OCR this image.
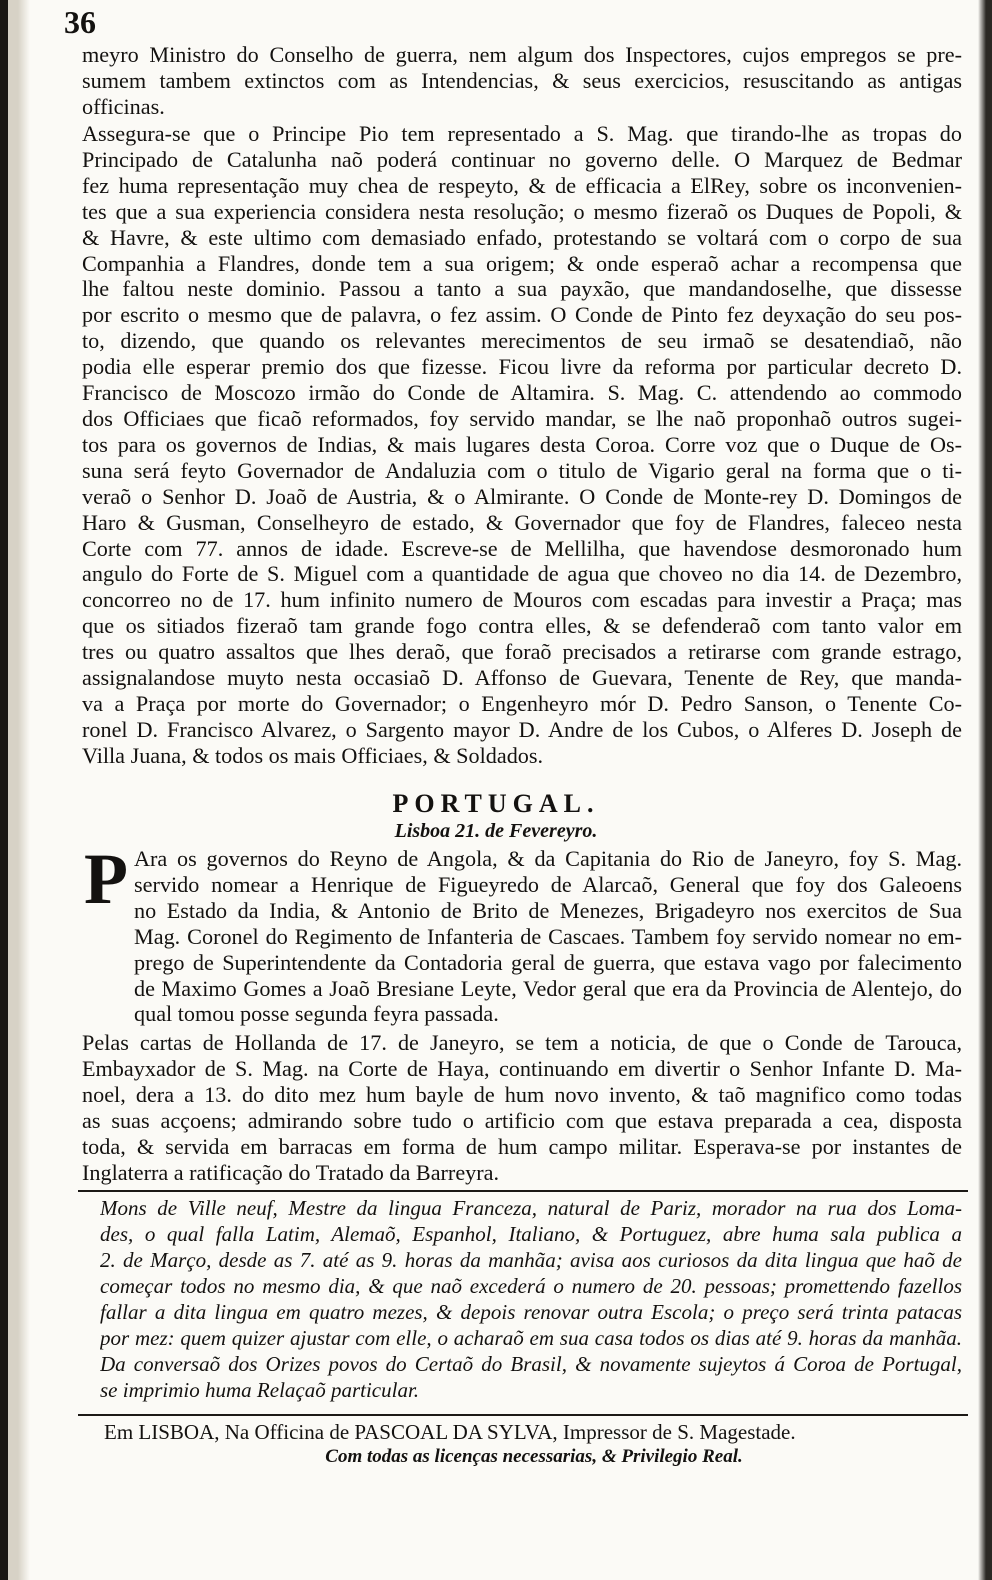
36
meyro Ministro do Conselho de guerra, nem algum dos Inspectores, cujos empregos se pre-
sumem tambem extinctos com as Intendencias, & seus exercicios, resuscitando as antigas
officinas.
Assegura-se que o Principe Pio tem representado a S. Mag. que tirando-lhe as tropas do
Principado de Catalunha naõ poderá continuar no governo delle. O Marquez de Bedmar
fez huma representação muy chea de respeyto, & de efficacia a ElRey, sobre os inconvenien-
tes que a sua experiencia considera nesta resolução; o mesmo fizeraõ os Duques de Popoli, &
& Havre, & este ultimo com demasiado enfado, protestando se voltará com o corpo de sua
Companhia a Flandres, donde tem a sua origem; & onde esperaõ achar a recompensa que
lhe faltou neste dominio. Passou a tanto a sua payxão, que mandandoselhe, que dissesse
por escrito o mesmo que de palavra, o fez assim. O Conde de Pinto fez deyxação do seu pos-
to, dizendo, que quando os relevantes merecimentos de seu irmaõ se desatendiaõ, não
podia elle esperar premio dos que fizesse. Ficou livre da reforma por particular decreto D.
Francisco de Moscozo irmão do Conde de Altamira. S. Mag. C. attendendo ao commodo
dos Officiaes que ficaõ reformados, foy servido mandar, se lhe naõ proponhaõ outros sugei-
tos para os governos de Indias, & mais lugares desta Coroa. Corre voz que o Duque de Os-
suna será feyto Governador de Andaluzia com o titulo de Vigario geral na forma que o ti-
veraõ o Senhor D. Joaõ de Austria, & o Almirante. O Conde de Monte-rey D. Domingos de
Haro & Gusman, Conselheyro de estado, & Governador que foy de Flandres, faleceo nesta
Corte com 77. annos de idade. Escreve-se de Mellilha, que havendose desmoronado hum
angulo do Forte de S. Miguel com a quantidade de agua que choveo no dia 14. de Dezembro,
concorreo no de 17. hum infinito numero de Mouros com escadas para investir a Praça; mas
que os sitiados fizeraõ tam grande fogo contra elles, & se defenderaõ com tanto valor em
tres ou quatro assaltos que lhes deraõ, que foraõ precisados a retirarse com grande estrago,
assignalandose muyto nesta occasiaõ D. Affonso de Guevara, Tenente de Rey, que manda-
va a Praça por morte do Governador; o Engenheyro mór D. Pedro Sanson, o Tenente Co-
ronel D. Francisco Alvarez, o Sargento mayor D. Andre de los Cubos, o Alferes D. Joseph de
Villa Juana, & todos os mais Officiaes, & Soldados.
PORTUGAL.
Lisboa 21. de Fevereyro.
P Ara os governos do Reyno de Angola, & da Capitania do Rio de Janeyro, foy S. Mag.
servido nomear a Henrique de Figueyredo de Alarcaõ, General que foy dos Galeoens
no Estado da India, & Antonio de Brito de Menezes, Brigadeyro nos exercitos de Sua
Mag. Coronel do Regimento de Infanteria de Cascaes. Tambem foy servido nomear no em-
prego de Superintendente da Contadoria geral de guerra, que estava vago por falecimento
de Maximo Gomes a Joaõ Bresiane Leyte, Vedor geral que era da Provincia de Alentejo, do
qual tomou posse segunda feyra passada.
Pelas cartas de Hollanda de 17. de Janeyro, se tem a noticia, de que o Conde de Tarouca,
Embayxador de S. Mag. na Corte de Haya, continuando em divertir o Senhor Infante D. Ma-
noel, dera a 13. do dito mez hum bayle de hum novo invento, & taõ magnifico como todas
as suas acçoens; admirando sobre tudo o artificio com que estava preparada a cea, disposta
toda, & servida em barracas em forma de hum campo militar. Esperava-se por instantes de
Inglaterra a ratificação do Tratado da Barreyra.
Mons de Ville neuf, Mestre da lingua Franceza, natural de Pariz, morador na rua dos Loma-
des, o qual falla Latim, Alemaõ, Espanhol, Italiano, & Portuguez, abre huma sala publica a
2. de Março, desde as 7. até as 9. horas da manhãa; avisa aos curiosos da dita lingua que haõ de
começar todos no mesmo dia, & que naõ excederá o numero de 20. pessoas; promettendo fazellos
fallar a dita lingua em quatro mezes, & depois renovar outra Escola; o preço será trinta patacas
por mez: quem quizer ajustar com elle, o acharaõ em sua casa todos os dias até 9. horas da manhãa.
Da conversaõ dos Orizes povos do Certaõ do Brasil, & novamente sujeytos á Coroa de Portugal,
se imprimio huma Relaçaõ particular.
Em LISBOA, Na Officina de PASCOAL DA SYLVA, Impressor de S. Magestade.
Com todas as licenças necessarias, & Privilegio Real.
